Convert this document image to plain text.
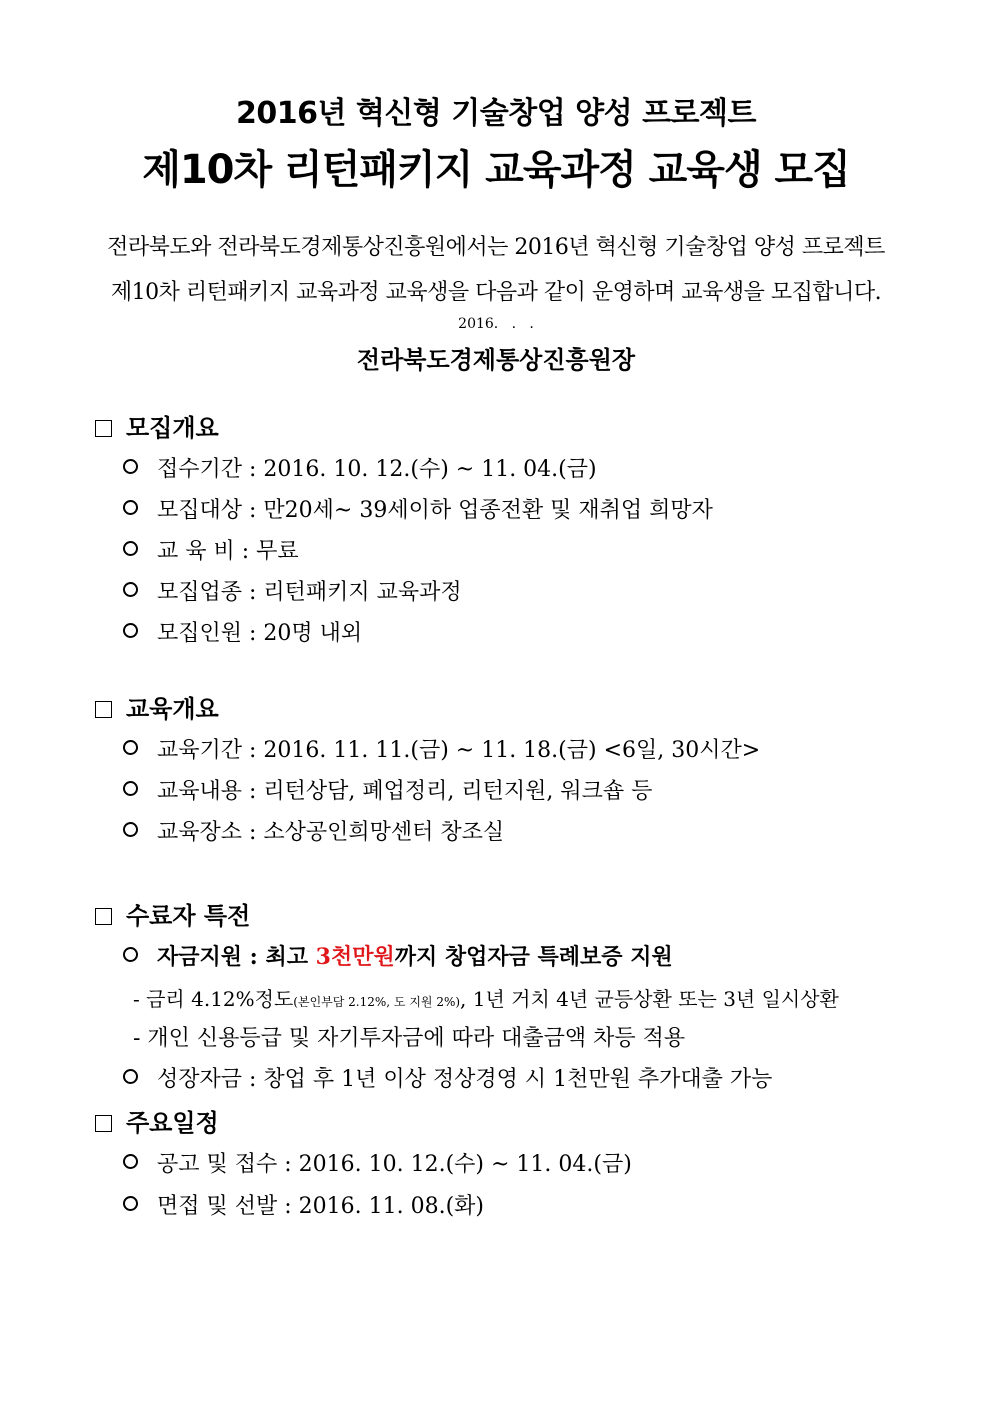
2016년 혁신형 기술창업 양성 프로젝트
제10차 리턴패키지 교육과정 교육생 모집
전라북도와 전라북도경제통상진흥원에서는 2016년 혁신형 기술창업 양성 프로젝트
제10차 리턴패키지 교육과정 교육생을 다음과 같이 운영하며 교육생을 모집합니다.
2016.   .   .
전라북도경제통상진흥원장
모집개요
접수기간 : 2016. 10. 12.(수) ~ 11. 04.(금)
모집대상 : 만20세~ 39세이하 업종전환 및 재취업 희망자
교 육 비 : 무료
모집업종 : 리턴패키지 교육과정
모집인원 : 20명 내외
교육개요
교육기간 : 2016. 11. 11.(금) ~ 11. 18.(금) <6일, 30시간>
교육내용 : 리턴상담, 폐업정리, 리턴지원, 워크숍 등
교육장소 : 소상공인희망센터 창조실
수료자 특전
자금지원 : 최고 3천만원까지 창업자금 특례보증 지원
- 금리 4.12%정도(본인부담 2.12%, 도 지원 2%), 1년 거치 4년 균등상환 또는 3년 일시상환
- 개인 신용등급 및 자기투자금에 따라 대출금액 차등 적용
성장자금 : 창업 후 1년 이상 정상경영 시 1천만원 추가대출 가능
주요일정
공고 및 접수 : 2016. 10. 12.(수) ~ 11. 04.(금)
면접 및 선발 : 2016. 11. 08.(화)
